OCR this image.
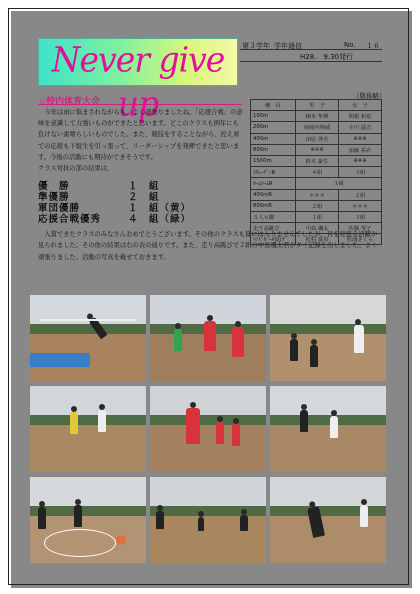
Never give up
第３学年 学年通信	No.	１６
H28.　9.30発行
☆校内体育大会

今年は雨に悩まされながらも、よく頑張りましたね。「応援合戦」の意味を意識して力強いものができたと思います。どこのクラスも例年にも負けない素晴らしいものでした。また、競技をすることながら、控え席での応援も下級生を引っ張って、リーダーシップを発揮できたと思います。今後の活動にも期待ができそうです。

クラス対抗の部の結果は、

優　勝	１　組
準優勝	２　組
軍団優勝	１　組（黄）
応援合戦優秀	４　組（緑）

入賞できたクラスのみなさんおめでとうございます。その他のクラスも賞には入りませんでしたが、目を見張る活躍が見られました。その他の結果は右の表の通りです。また、走り高跳びで２組の中島颯太君がタイ記録を出しました。よく頑張りました。活動の写真を載せておきます。

（敬称略）
種　目	男　子	女　子
100m	梅本 隼輝	関根 和泉
200m	南岡内翔威	小川 遥音
400m	田原 啓吾	※※※
800m	※※※	加藤 祐衣
1500m	鈴木 豪生	※※※
ｽｳｪｰﾃﾞﾝR	４組	３組
ﾎｰﾑﾙｰﾑR	３組	
400mR	＊＊＊	２組
800mR	２組	＊＊＊
５人６脚	１組	３組
走り高跳び	中島 颯太	佐藤 琴子
ﾊﾝﾄﾞﾎﾞｰﾙ投げ	松村 泉央	松浦さくら
